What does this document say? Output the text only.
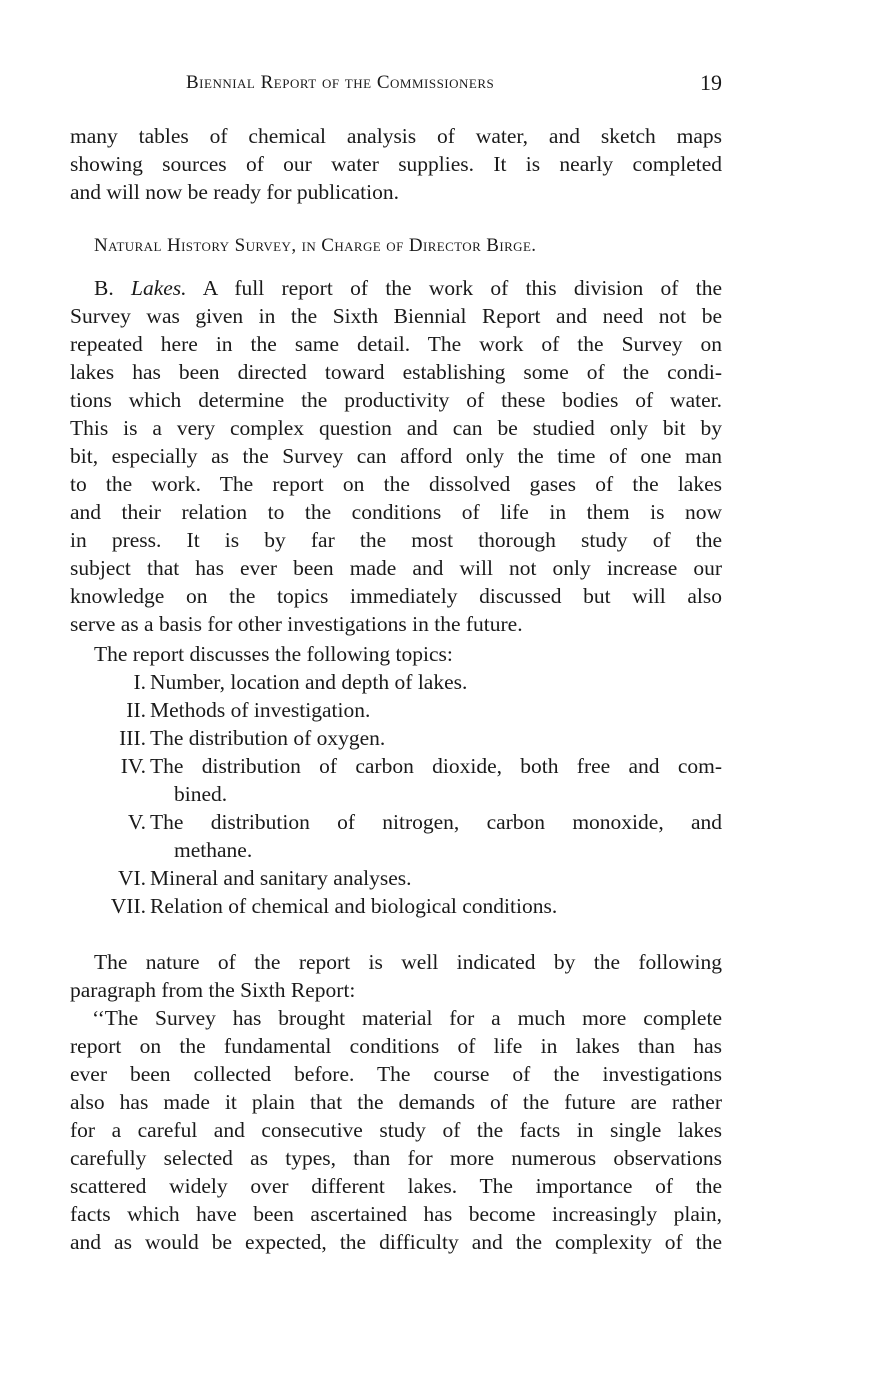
Biennial Report of the Commissioners	19
many tables of chemical analysis of water, and sketch maps
showing sources of our water supplies. It is nearly completed
and will now be ready for publication.
Natural History Survey, in Charge of Director Birge.
B. Lakes. A full report of the work of this division of the
Survey was given in the Sixth Biennial Report and need not be
repeated here in the same detail. The work of the Survey on
lakes has been directed toward establishing some of the condi-
tions which determine the productivity of these bodies of water.
This is a very complex question and can be studied only bit by
bit, especially as the Survey can afford only the time of one man
to the work. The report on the dissolved gases of the lakes
and their relation to the conditions of life in them is now
in press. It is by far the most thorough study of the
subject that has ever been made and will not only increase our
knowledge on the topics immediately discussed but will also
serve as a basis for other investigations in the future.
The report discusses the following topics:
I. Number, location and depth of lakes.
II. Methods of investigation.
III. The distribution of oxygen.
IV. The distribution of carbon dioxide, both free and com-
bined.
V. The distribution of nitrogen, carbon monoxide, and
methane.
VI. Mineral and sanitary analyses.
VII. Relation of chemical and biological conditions.
The nature of the report is well indicated by the following
paragraph from the Sixth Report:
‘‘The Survey has brought material for a much more complete
report on the fundamental conditions of life in lakes than has
ever been collected before. The course of the investigations
also has made it plain that the demands of the future are rather
for a careful and consecutive study of the facts in single lakes
carefully selected as types, than for more numerous observations
scattered widely over different lakes. The importance of the
facts which have been ascertained has become increasingly plain,
and as would be expected, the difficulty and the complexity of the
